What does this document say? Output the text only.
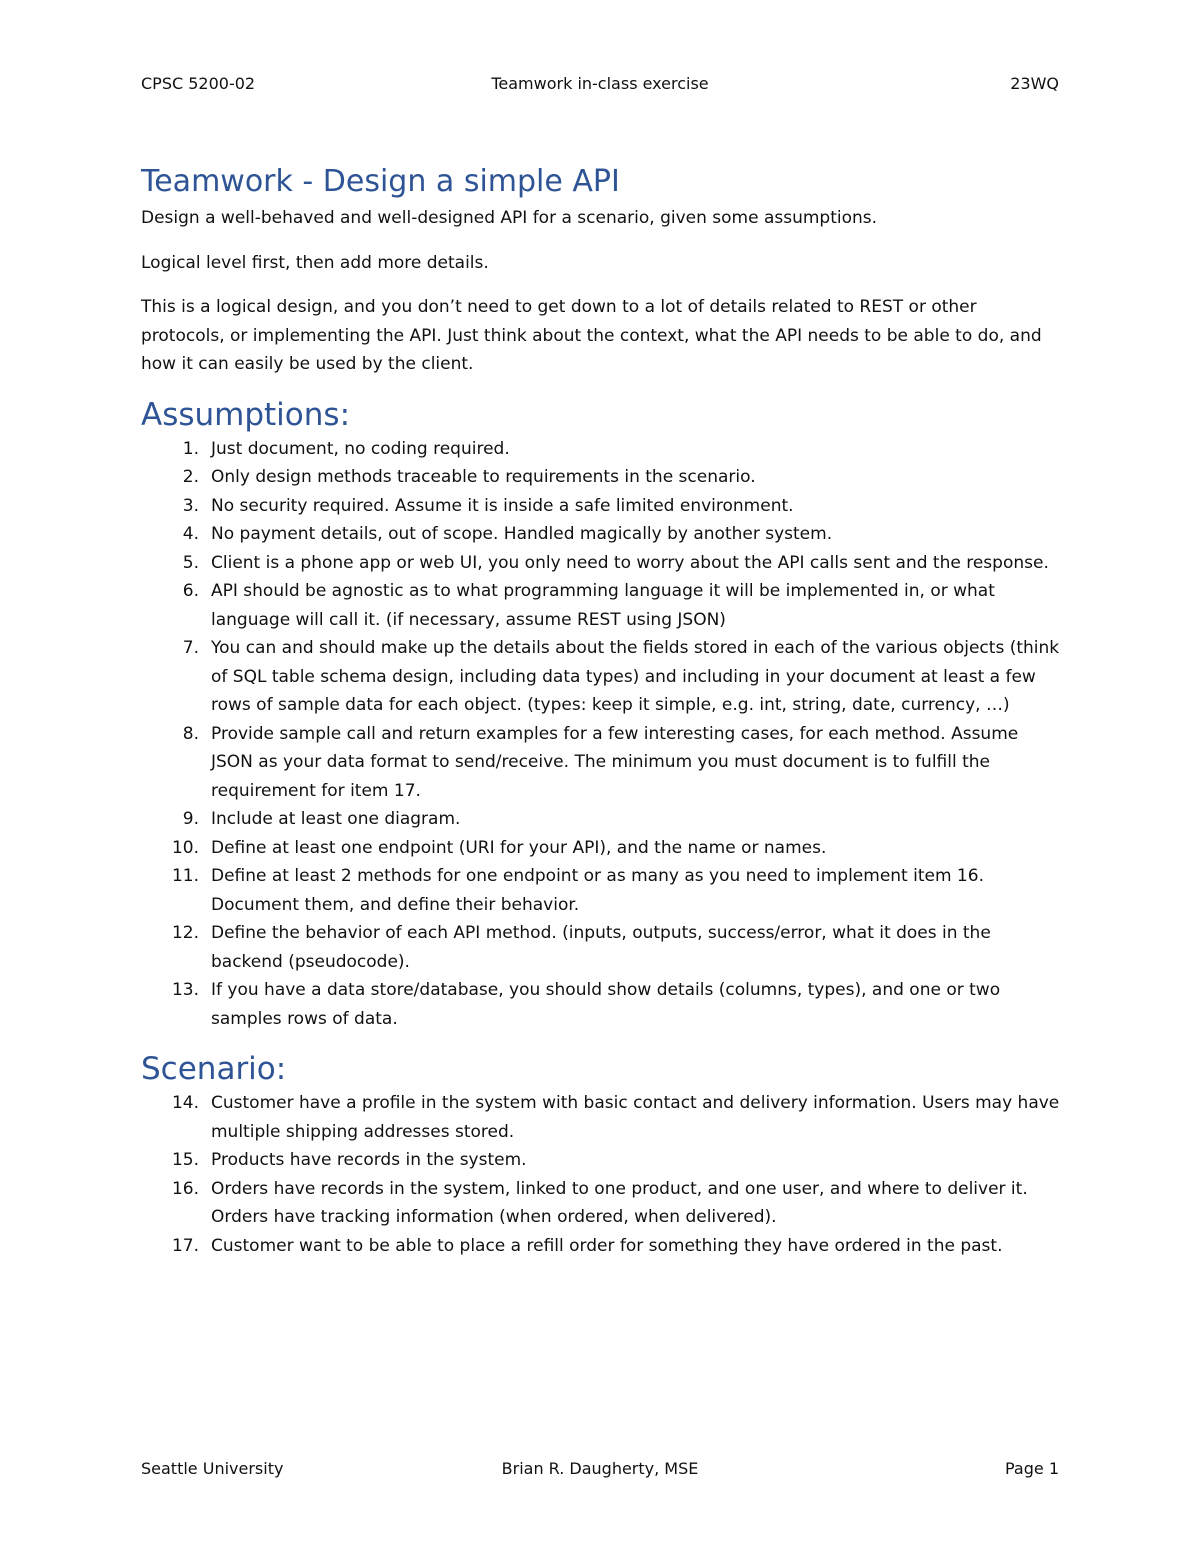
CPSC 5200-02	Teamwork in-class exercise	23WQ
Teamwork - Design a simple API

Design a well-behaved and well-designed API for a scenario, given some assumptions.

Logical level first, then add more details.

This is a logical design, and you don’t need to get down to a lot of details related to REST or other protocols, or implementing the API. Just think about the context, what the API needs to be able to do, and how it can easily be used by the client.

Assumptions:
1. Just document, no coding required.
2. Only design methods traceable to requirements in the scenario.
3. No security required. Assume it is inside a safe limited environment.
4. No payment details, out of scope. Handled magically by another system.
5. Client is a phone app or web UI, you only need to worry about the API calls sent and the response.
6. API should be agnostic as to what programming language it will be implemented in, or what language will call it. (if necessary, assume REST using JSON)
7. You can and should make up the details about the fields stored in each of the various objects (think of SQL table schema design, including data types) and including in your document at least a few rows of sample data for each object. (types: keep it simple, e.g. int, string, date, currency, …)
8. Provide sample call and return examples for a few interesting cases, for each method. Assume JSON as your data format to send/receive. The minimum you must document is to fulfill the requirement for item 17.
9. Include at least one diagram.
10. Define at least one endpoint (URI for your API), and the name or names.
11. Define at least 2 methods for one endpoint or as many as you need to implement item 16. Document them, and define their behavior.
12. Define the behavior of each API method. (inputs, outputs, success/error, what it does in the backend (pseudocode).
13. If you have a data store/database, you should show details (columns, types), and one or two samples rows of data.
Scenario:
14. Customer have a profile in the system with basic contact and delivery information. Users may have multiple shipping addresses stored.
15. Products have records in the system.
16. Orders have records in the system, linked to one product, and one user, and where to deliver it. Orders have tracking information (when ordered, when delivered).
17. Customer want to be able to place a refill order for something they have ordered in the past.
Seattle University	Brian R. Daugherty, MSE	Page 1
